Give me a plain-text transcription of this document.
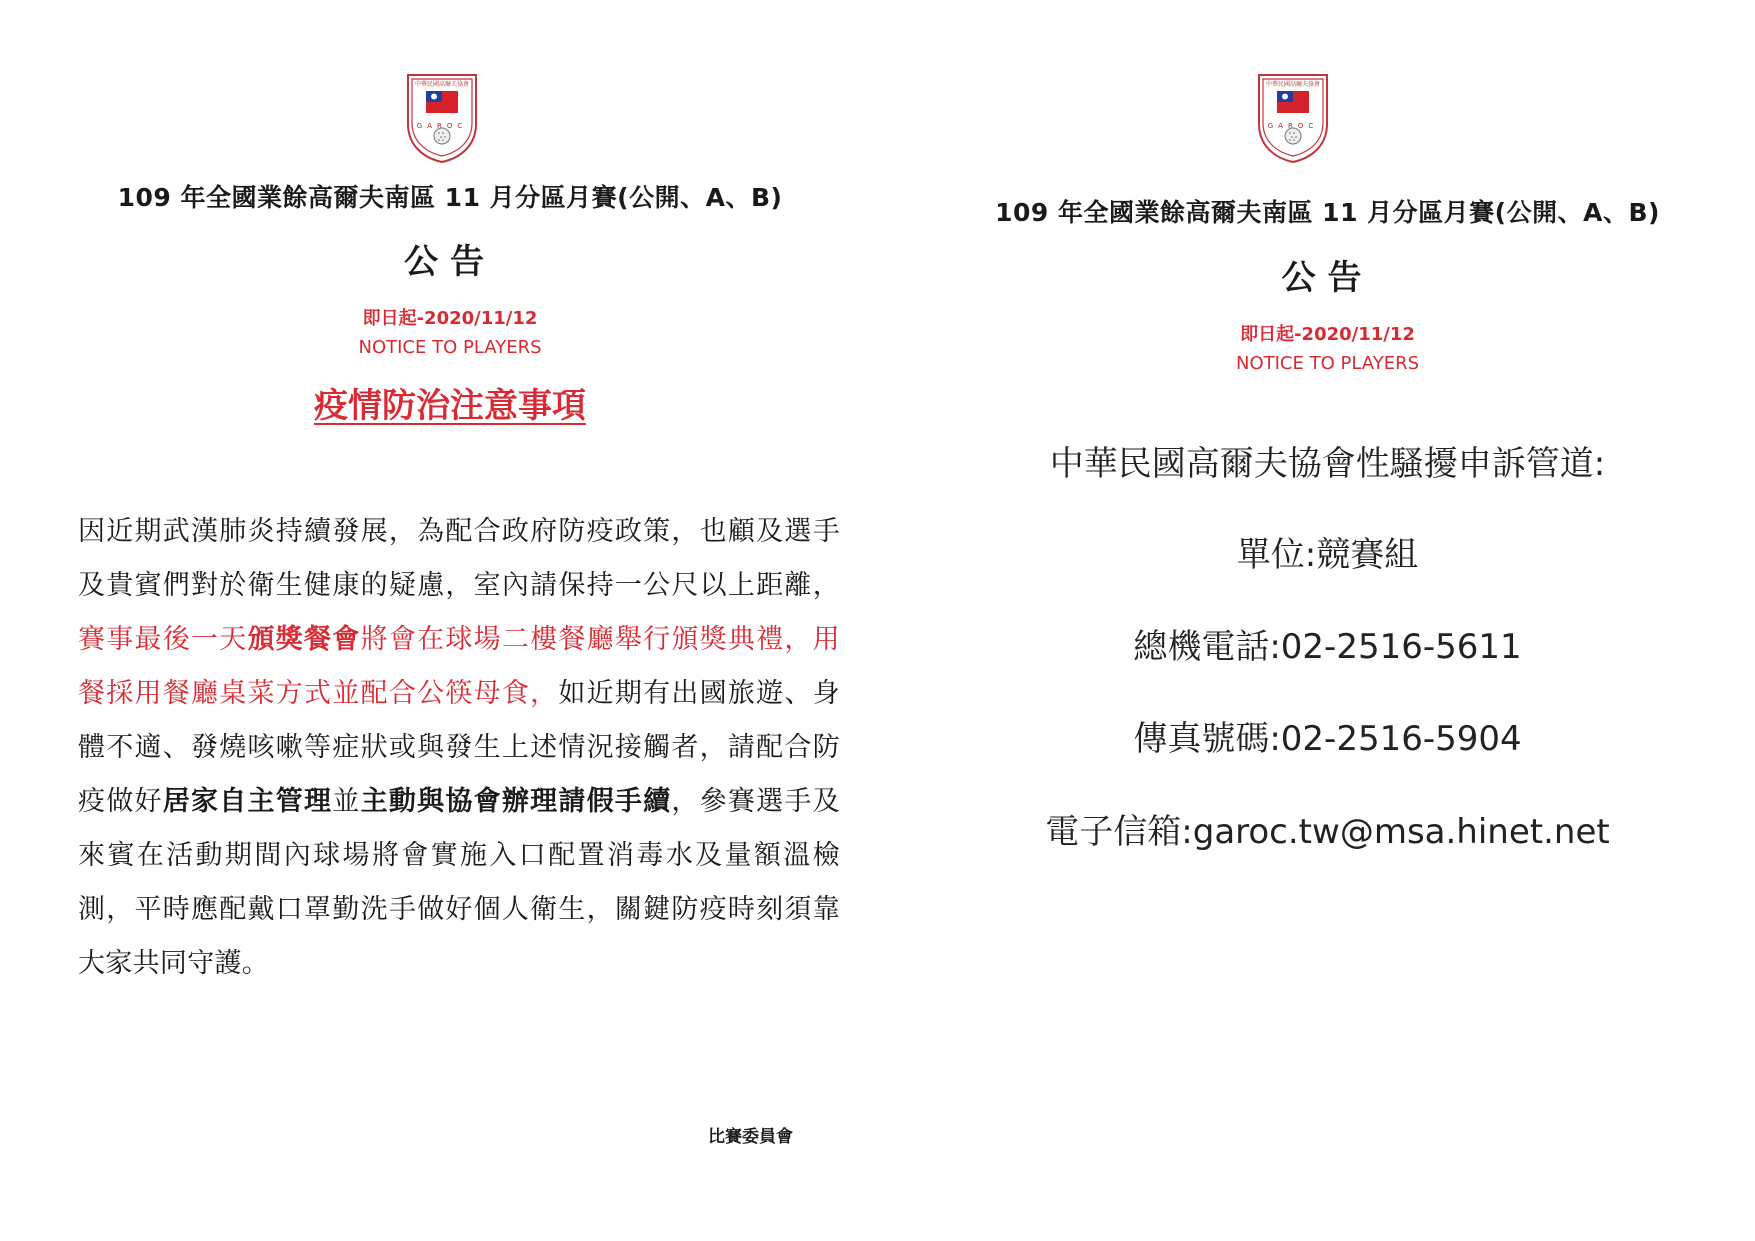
中華民國高爾夫協會
GAROC
109 年全國業餘高爾夫南區 11 月分區月賽(公開、A、B)
公告
即日起-2020/11/12
NOTICE TO PLAYERS
疫情防治注意事項
因近期武漢肺炎持續發展，為配合政府防疫政策，也顧及選手及貴賓們對於衛生健康的疑慮，室內請保持一公尺以上距離，賽事最後一天頒獎餐會將會在球場二樓餐廳舉行頒獎典禮，用餐採用餐廳桌菜方式並配合公筷母食，如近期有出國旅遊、身體不適、發燒咳嗽等症狀或與發生上述情況接觸者，請配合防疫做好居家自主管理並主動與協會辦理請假手續，參賽選手及來賓在活動期間內球場將會實施入口配置消毒水及量額溫檢測，平時應配戴口罩勤洗手做好個人衛生，關鍵防疫時刻須靠大家共同守護。
比賽委員會
中華民國高爾夫協會
GAROC
109 年全國業餘高爾夫南區 11 月分區月賽(公開、A、B)
公告
即日起-2020/11/12
NOTICE TO PLAYERS
中華民國高爾夫協會性騷擾申訴管道:
單位:競賽組
總機電話:02-2516-5611
傳真號碼:02-2516-5904
電子信箱:garoc.tw@msa.hinet.net
